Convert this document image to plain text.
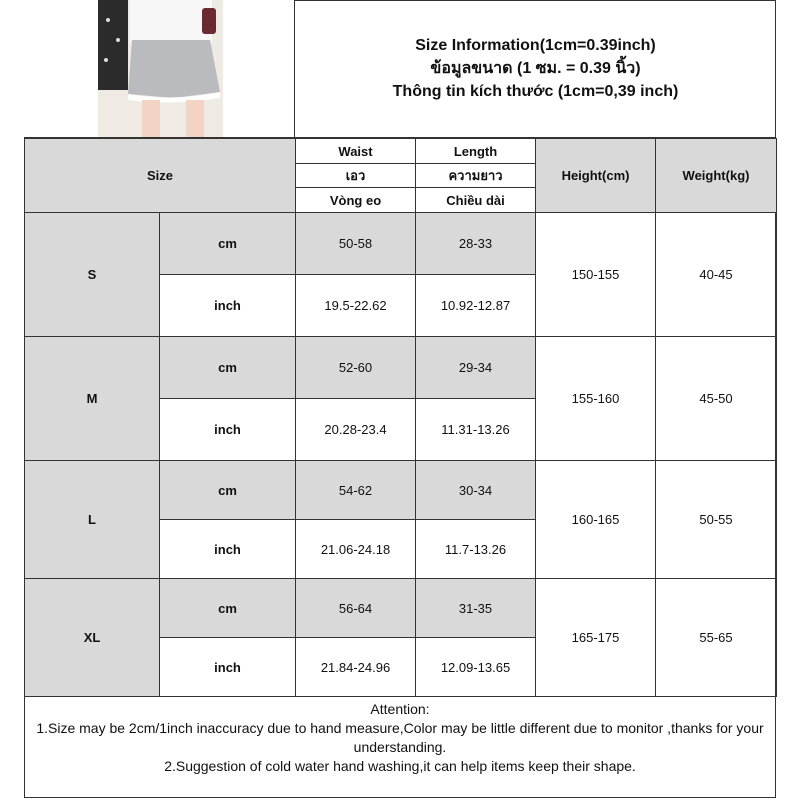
Size Information(1cm=0.39inch)
ข้อมูลขนาด (1 ซม. = 0.39 นิ้ว)
Thông tin kích thước (1cm=0,39 inch)
Size		Waist	Length	Height(cm)	Weight(kg)
		เอว	ความยาว		
		Vòng eo	Chiều dài		
S	cm	50-58	28-33	150-155	40-45
	inch	19.5-22.62	10.92-12.87		
M	cm	52-60	29-34	155-160	45-50
	inch	20.28-23.4	11.31-13.26		
L	cm	54-62	30-34	160-165	50-55
	inch	21.06-24.18	11.7-13.26		
XL	cm	56-64	31-35	165-175	55-65
	inch	21.84-24.96	12.09-13.65		
Attention:
1.Size may be 2cm/1inch inaccuracy due to hand measure,Color may be little different due to monitor ,thanks for your understanding.
2.Suggestion of cold water hand washing,it can help items keep their shape.
